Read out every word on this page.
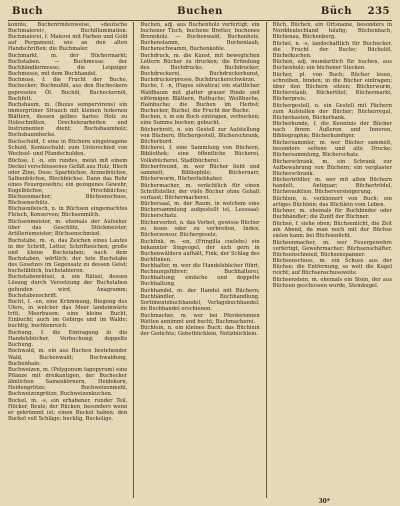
Buch	Buchen	Büch 235

konnte, Buchenrindenweise, »deutsche Buchmalerei«, Buchillumination. Buchmalerei, f. Malerei mit Farben und Gold auf Pergament, wie an den alten Handschriften; die Buchmaler.

Buchmarkt, m. der Büchermarkt; Buchstaben. — Buchmesse: der Buchhändlermesse; die Leipziger Buchmesse, mit dem Buchhandel.

Buchnuss, f. die Frucht der Buche, Buchecker; Buchnußöl, aus den Bucheckern gepresstes Öl. Buchöl, Bucheckernöl, Buchfett.

Buchsbaum, m. (Buxus sempervirens) ein immergrüner Strauch mit kleinen ledernen Blättern, dessen gelbes hartes Holz zu Holzschnitten, Drechslerarbeiten und Instrumenten dient; Buchsbaumholz; Buchsbaumhecke.

Buchschuld, f. eine in Büchern eingetragene Schuld, Kontoschuld; zum Unterschied von Wechsel- und Pfandschulden.

Büchse, f. -n, ein rundes, meist mit einem Deckel verschlossenes Gefäß aus Holz, Blech oder Zinn, Dose; Sparbüchse, Arzneibüchse, Salbenbüchse, Blechbüchse. Dann das Rohr eines Feuergewehrs; ein gezogenes Gewehr, Kugelbüchse, Pirschbüchse; Büchsenmacher; Büchsenschuss, Büchsenschütz.

Büchsenfleisch, n. in Büchsen eingemachtes Fleisch, Konserven; Büchsenmilch.

Büchsenmeister, m. ehemals der Aufseher über das Geschütz, Stückmeister, Artilleriemeister; Büchsenschmied.

Buchstabe, m. -n, das Zeichen eines Lautes in der Schrift, Letter, Schriftzeichen; große und kleine Buchstaben; nach dem Buchstaben, wörtlich; der tote Buchstabe des Gesetzes im Gegensatz zu dessen Geist; buchstäblich, buchstabieren.

Buchstabenrätsel, n. ein Rätsel, dessen Lösung durch Versetzung der Buchstaben gefunden wird, Anagramm; Buchstabenschrift.

Bucht, f. -en, eine Krümmung, Biegung des Ufers, in welcher das Meer landeinwärts tritt, Meerbusen; eine kleine Bucht, Einbucht; auch im Gebirge und im Walde; buchtig, buchtenreich.

Buchung, f. die Eintragung in die Handelsbücher, Verbuchung; doppelte Buchung.

Buchwald, m. ein aus Buchen bestehender Wald, Buchenwald; Buchwaldung, Buchenhain.

Buchweizen, m. (Polygonum fagopyrum) eine Pflanze mit dreikantigen, der Buchecker ähnlichen Samenkörnern, Heidekorn, Heidengrütze; Buchweizenmehl, Buchweizengrütze, Buchweizenkuchen.

Buckel, m. -s, ein erhabener, runder Teil, Höcker, Beule; der Rücken, besonders wenn er gekrümmt ist; einen Buckel haben; den Buckel voll Schläge; bucklig, Buckelige.

Buchen, adj. aus Buchenholz verfertigt; ein buchener Tisch, buchene Bretter, buchenes Brennholz. — Buchenwald, Buchenholz, Buchenstamm, Buchenlaub, Buchenschwamm, Buchenkohle.

Buchdruck, m. die Kunst, mit beweglichen Lettern Bücher zu drucken; die Erfindung des Buchdrucks. Buchdrucker, Buchdruckerei, Buchdruckerkunst, Buchdruckerpresse, Buchdruckerschwärze.

Buche, f. -n, (Fagus silvatica) ein stattlicher Waldbaum mit glatter grauer Rinde und eiförmigen Blättern, Rotbuche; Weißbuche, Hainbuche; die Buchen im Herbst; Buchecker, Buchel, die Frucht der Buche.

Buchen, v. in ein Buch eintragen, verbuchen; eine Summe buchen; gebucht.

Bücherbrett, n. ein Gestell zur Aufstellung von Büchern, Büchergestell, Bücherschrank, Bücherbord.

Bücherei, f. eine Sammlung von Büchern, Bibliothek; eine öffentliche Bücherei, Volksbücherei, Stadtbücherei.

Bücherfreund, m. wer Bücher liebt und sammelt, Bibliophile; Büchernarr, Bücherwurm, Bücherliebhaber.

Büchermacher, m. verächtlich für einen Schriftsteller, der viele Bücher ohne Gehalt verfasst; Büchermacherei.

Büchersaal, m. der Raum, in welchem eine Büchersammlung aufgestellt ist, Lesesaal; Bücherschatz.

Bücherverbot, n. das Verbot, gewisse Bücher zu lesen oder zu verbreiten, Index; Bücherzensur, Büchergesetz.

Buchfink, m. -en, (Fringilla coelebs) ein bekannter Singvogel, der sich gern in Buchenwäldern aufhält, Fink; der Schlag des Buchfinken.

Buchhalter, m. wer die Handelsbücher führt, Rechnungsführer; Buchhalterei, Buchhaltung; einfache und doppelte Buchhaltung.

Buchhandel, m. der Handel mit Büchern; Buchhändler, Buchhandlung, Sortimentsbuchhandel, Verlagsbuchhandel; im Buchhandel erschienen.

Buchmacher, m. wer bei Pferderennen Wetten annimmt und bucht; Buchmacherei.

Büchlein, n. ein kleines Buch; das Büchlein der Gedichte; Gebetbüchlein, Notizbüchlein.

Büch, Büchen, ein Ortsname, besonders in Norddeutschland häufig; Büchenbach, Büchenau, Büchenberg.

Büchel, n. -s, landschaftlich für Buchecker, die Frucht der Buche; Büchelöl, Büchelkuchen.

Büchen, adj. mundartlich für buchen, aus Buchenholz; ein büchener Stecken.

Bücher, pl. von Buch; Bücher lesen, schreiben, binden; in die Bücher eintragen; über den Büchern sitzen; Bücherwurm, Bücherstaub, Büchertitel, Büchermarkt, Bücherpreis.

Büchergestell, n. ein Gestell mit Fächern zum Aufstellen der Bücher; Bücherregal, Bücherkasten, Bücherbank.

Bücherkunde, f. die Kenntnis der Bücher nach ihrem Äußeren und Inneren, Bibliographie; Bücherkundiger.

Büchersammler, m. wer Bücher sammelt, besonders seltene und alte Drucke; Büchersammlung, Bücherschatz.

Bücherschrank, m. ein Schrank zur Aufbewahrung von Büchern; ein verglaster Bücherschrank.

Büchertrödler, m. wer mit alten Büchern handelt, Antiquar; Büchertrödel, Bücherauktion, Bücherversteigerung.

Büchlein, n. verkleinert von Buch; ein artiges Büchlein; das Büchlein vom Leben.

Büchner, m. ehemals für Buchbinder oder Buchhändler; die Zunft der Büchner.

Büchse, f. siehe oben; Büchsenlicht, die Zeit am Abend, da man noch mit der Büchse zielen kann; bei Büchsenlicht.

Büchsenmacher, m. wer Feuergewehre verfertigt, Gewehrmacher; Büchsenschäfter, Büchsenschmied, Büchsenspanner.

Büchsenschuss, m. ein Schuss aus der Büchse; die Entfernung, so weit die Kugel reicht; auf Büchsenschussweite.

Büchsenstein, m. ehemals ein Stein, der aus Büchsen geschossen wurde, Steinkugel.

30*
